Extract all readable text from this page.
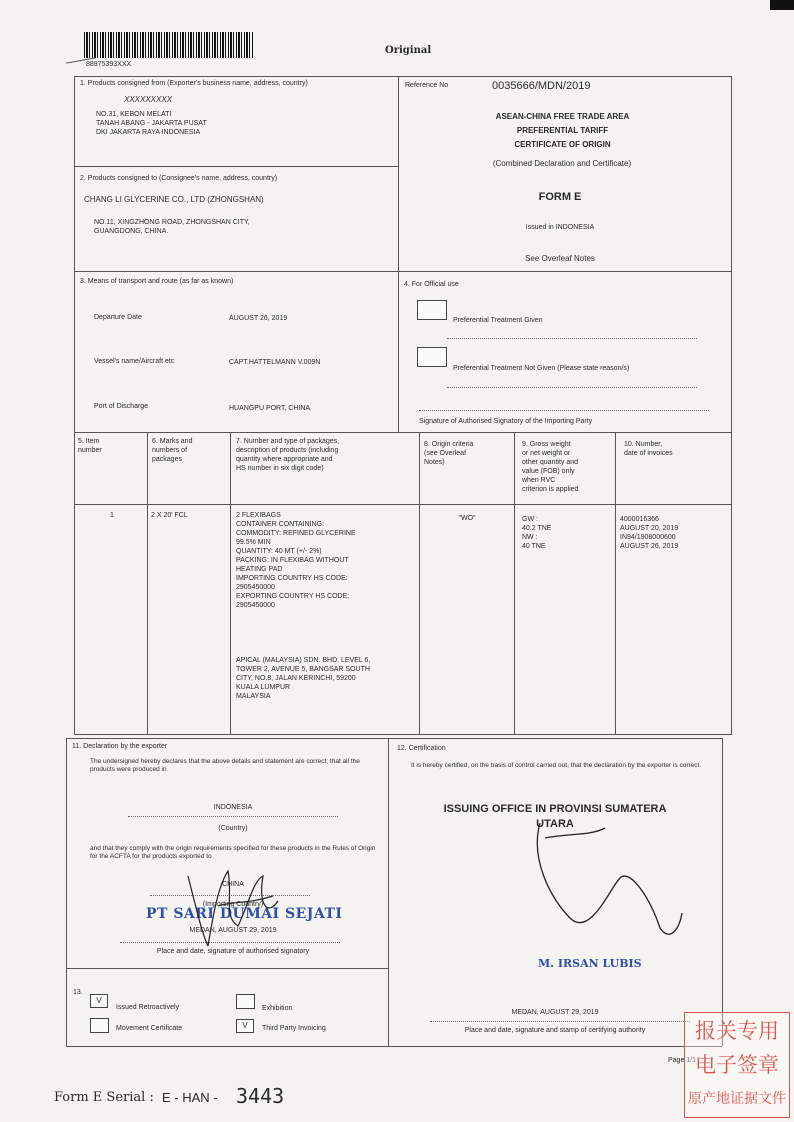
88975393XXX
Original
1. Products consigned from (Exporter's business name, address, country)
XXXXXXXXX
NO.31, KEBON MELATI
TANAH ABANG - JAKARTA PUSAT
DKI JAKARTA RAYA INDONESIA
Reference No	0035666/MDN/2019
ASEAN-CHINA FREE TRADE AREA
PREFERENTIAL TARIFF
CERTIFICATE OF ORIGIN
(Combined Declaration and Certificate)
FORM E
Issued in INDONESIA
See Overleaf Notes
2. Products consigned to (Consignee's name, address, country)
CHANG LI GLYCERINE CO., LTD (ZHONGSHAN)
NO.11, XINGZHONG ROAD, ZHONGSHAN CITY,
GUANGDONG, CHINA.
3. Means of transport and route (as far as known)
Departure Date	AUGUST 26, 2019
Vessel's name/Aircraft etc	CAPT.HATTELMANN V.009N
Port of Discharge	HUANGPU PORT, CHINA
4. For Official use
Preferential Treatment Given
Preferential Treatment Not Given (Please state reason/s)
Signature of Authorised Signatory of the Importing Party
5. Item
number
6. Marks and
numbers of
packages
7. Number and type of packages,
description of products (including
quantity where appropriate and
HS number in six digit code)
8. Origin criteria
(see Overleaf
Notes)
9. Gross weight
or net weight or
other quantity and
value (FOB) only
when RVC
criterion is applied
10. Number,
date of invoices
1	2 X 20' FCL	2 FLEXIBAGS
CONTAINER CONTAINING:
COMMODITY: REFINED GLYCERINE
99.5% MIN
QUANTITY: 40 MT (+/- 2%)
PACKING: IN FLEXIBAG WITHOUT
HEATING PAD
IMPORTING COUNTRY HS CODE:
2905450000
EXPORTING COUNTRY HS CODE:
2905450000
APICAL (MALAYSIA) SDN. BHD. LEVEL 6,
TOWER 2, AVENUE 5, BANGSAR SOUTH
CITY, NO.8, JALAN KERINCHI, 59200
KUALA LUMPUR
MALAYSIA
"WO"	GW :
40.2 TNE
NW :
40 TNE
4000016366
AUGUST 20, 2019
IN94/1908000600
AUGUST 26, 2019
11. Declaration by the exporter
The undersigned hereby declares that the above details and statement are correct; that all the products were produced in
INDONESIA
(Country)
and that they comply with the origin requirements specified for these products in the Rules of Origin for the ACFTA for the products exported to
CHINA
(Importing Country)
PT SARI DUMAI SEJATI
MEDAN, AUGUST 29, 2019
Place and date, signature of authorised signatory
12. Certification
It is hereby certified, on the basis of control carried out, that the declaration by the exporter is correct.
ISSUING OFFICE IN PROVINSI SUMATERA
UTARA
M. IRSAN LUBIS
MEDAN, AUGUST 29, 2019
Place and date, signature and stamp of certifying authority
13.
V
Issued Retroactively	Exhibition
Movement Certificate	V	Third Party Invoicing
Page 1/1
Form E Serial : E - HAN - 3443
报关专用
电子签章
原产地证据文件
